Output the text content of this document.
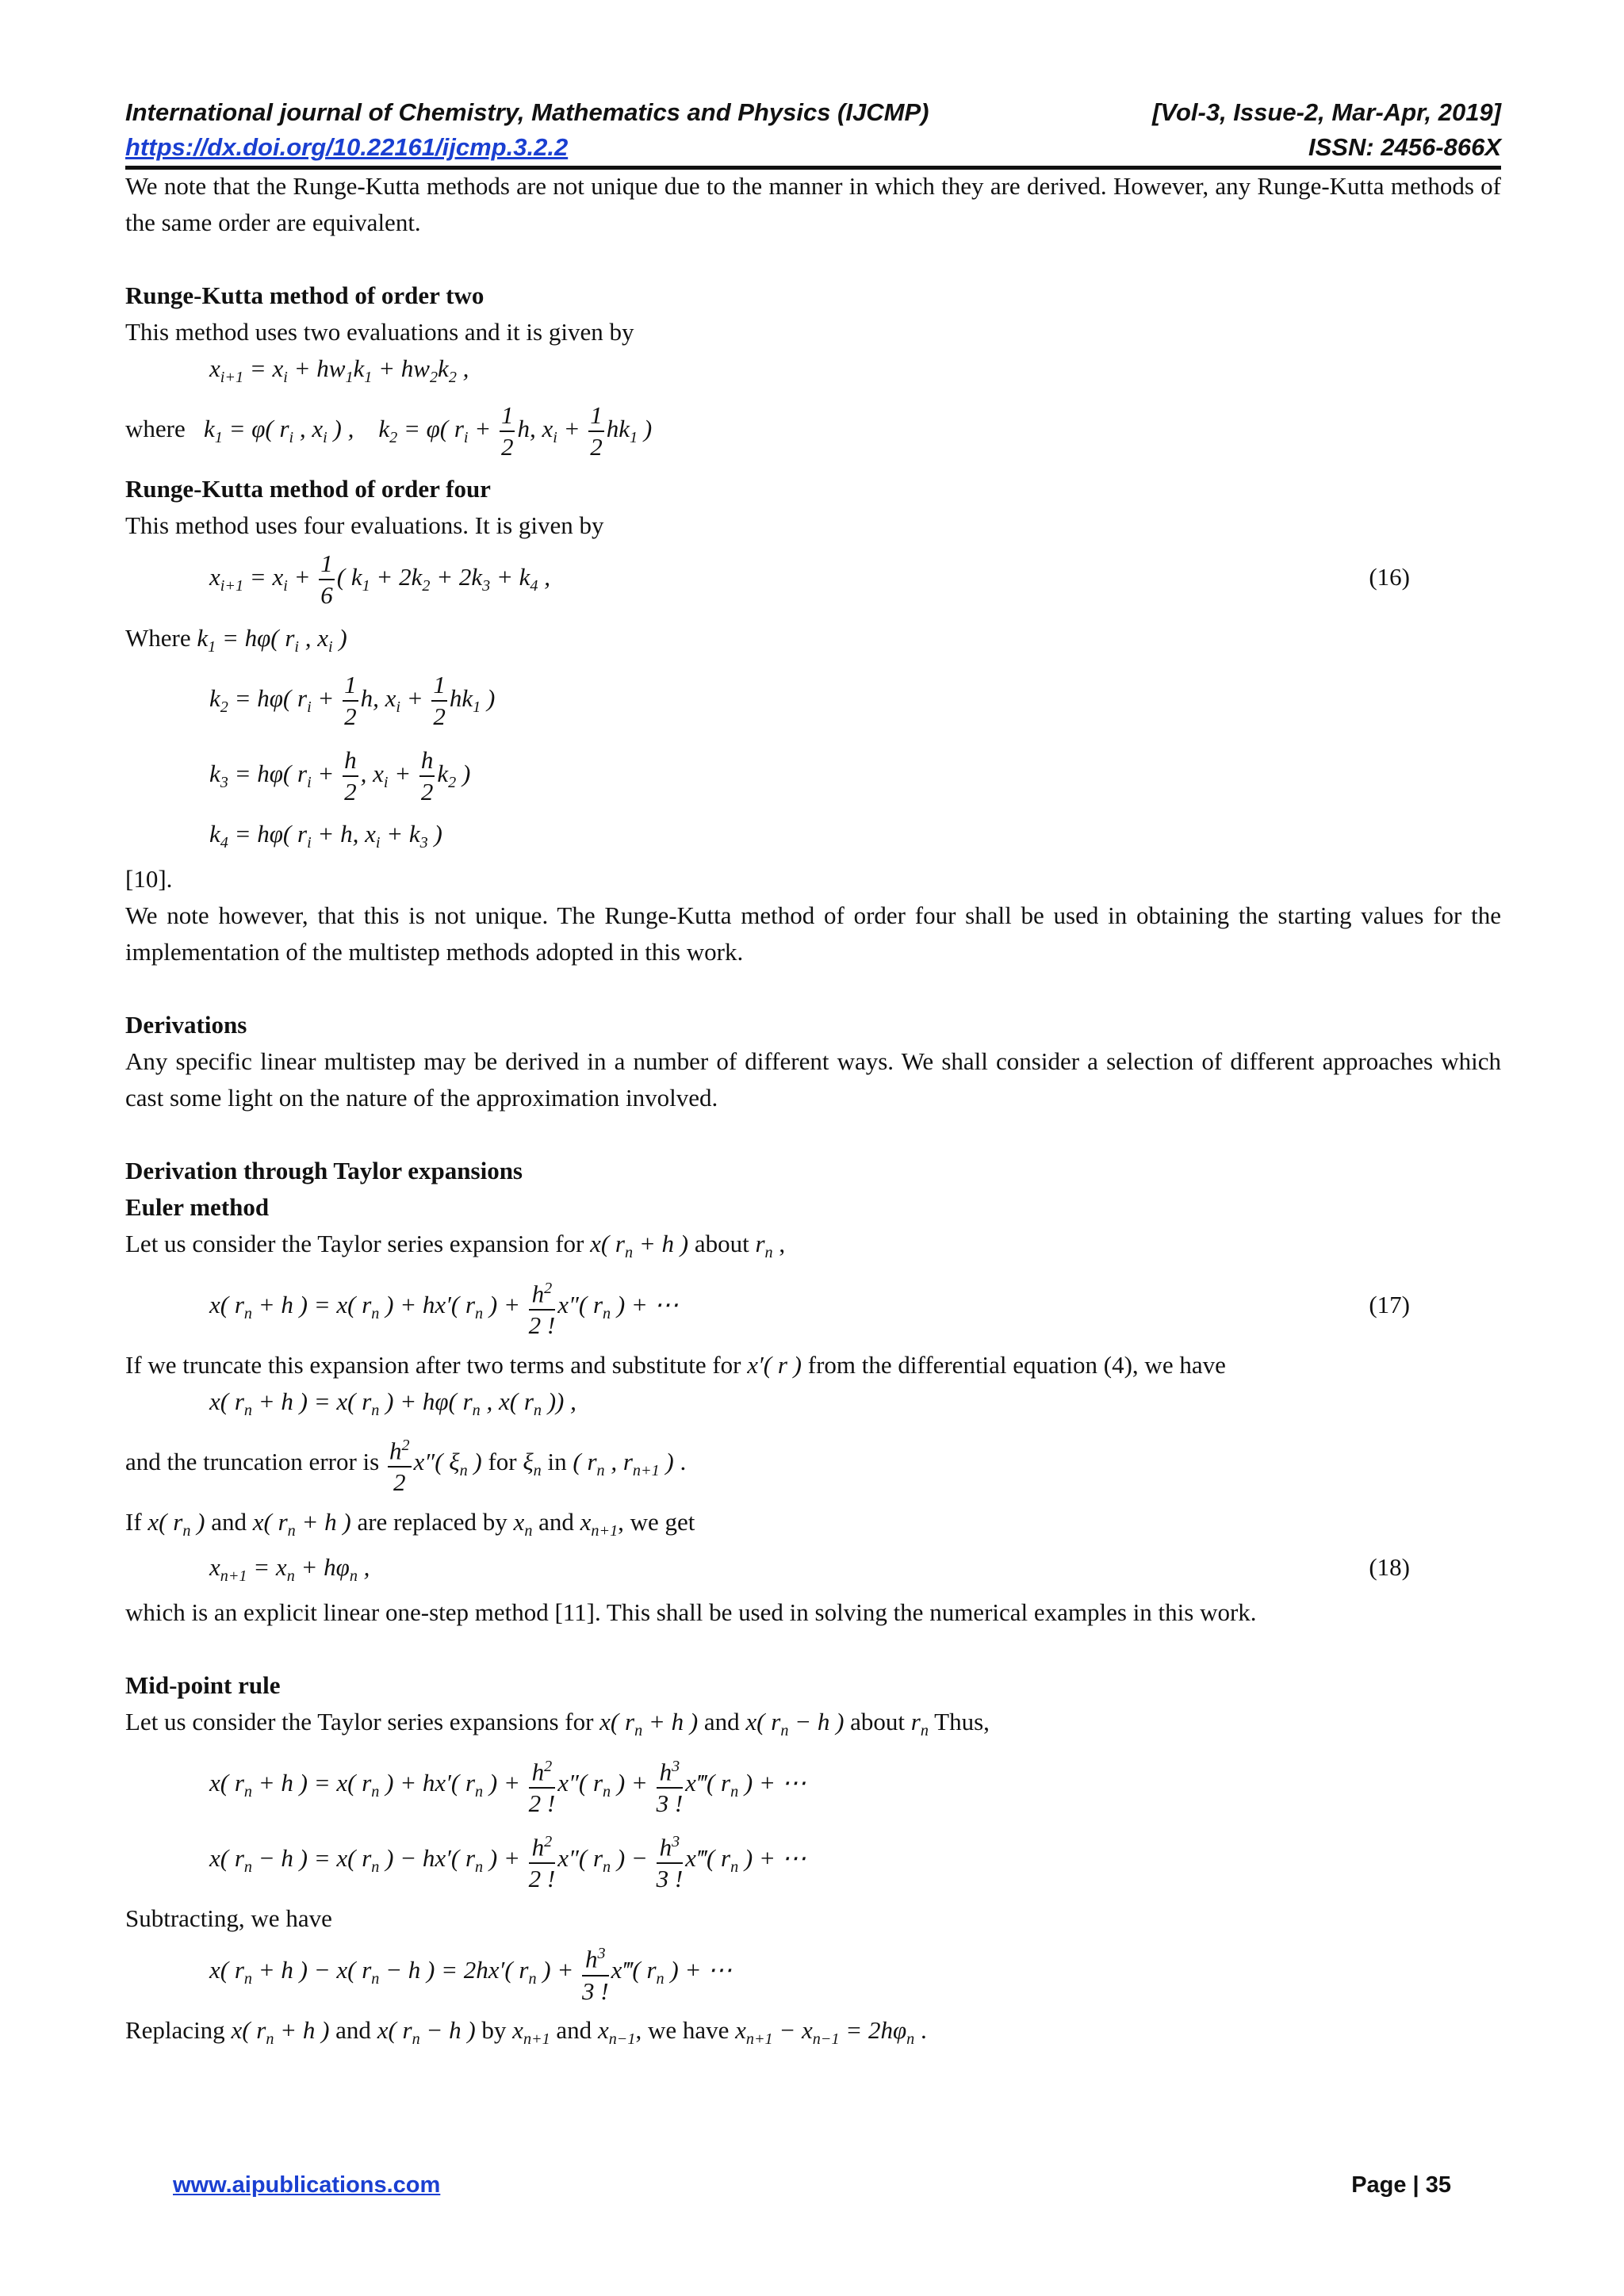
International journal of Chemistry, Mathematics and Physics (IJCMP)	[Vol-3, Issue-2, Mar-Apr, 2019]
https://dx.doi.org/10.22161/ijcmp.3.2.2	ISSN: 2456-866X

We note that the Runge-Kutta methods are not unique due to the manner in which they are derived. However, any Runge-Kutta methods of the same order are equivalent.

Runge-Kutta method of order two

This method uses two evaluations and it is given by

$x_{i+1} = x_i + hw_1k_1 + hw_2k_2$ ,
where   $k_1 = \varphi$( $r_i$ , $x_i$ ) ,    $k_2 = \varphi$( $r_i + \frac{1}{2} h$, $x_i + \frac{1}{2} hk_1$ )

Runge-Kutta method of order four

This method uses four evaluations. It is given by

$x_{i+1} = x_i + \frac{1}{6}$ ( $k_1 + 2k_2 + 2k_3 + k_4$ ,	(16)
Where $k_1 = h\varphi$( $r_i$ , $x_i$ )
$k_2 = h\varphi$( $r_i + \frac{1}{2} h$, $x_i + \frac{1}{2} hk_1$ )
$k_3 = h\varphi$( $r_i + \frac{h}{2}$ , $x_i + \frac{h}{2} k_2$ )
$k_4 = h\varphi$( $r_i + h$, $x_i + k_3$ )

[10].

We note however, that this is not unique. The Runge-Kutta method of order four shall be used in obtaining the starting values for the implementation of the multistep methods adopted in this work.

Derivations

Any specific linear multistep may be derived in a number of different ways. We shall consider a selection of different approaches which cast some light on the nature of the approximation involved.

Derivation through Taylor expansions

Euler method

Let us consider the Taylor series expansion for x( $r_n + h$ ) about $r_n$ ,

x( $r_n + h$ ) = x( $r_n$ ) + hx′( $r_n$ ) + $\frac{h^2}{2 !} x''$( $r_n$ ) + ⋯	(17)

If we truncate this expansion after two terms and substitute for x′( r ) from the differential equation (4), we have

x( $r_n + h$ ) = x( $r_n$ ) + hφ( $r_n$ , x( $r_n$ )) ,

and the truncation error is $\frac{h^2}{2} x''$( $\xi_n$ ) for $\xi_n$ in ( $r_n$ , $r_{n+1}$ ) .

If x( $r_n$ ) and x( $r_n + h$ ) are replaced by $x_n$ and $x_{n+1}$, we get

$x_{n+1} = x_n + h\varphi_n$ ,	(18)

which is an explicit linear one-step method [11]. This shall be used in solving the numerical examples in this work.

Mid-point rule

Let us consider the Taylor series expansions for x( $r_n + h$ ) and x( $r_n - h$ ) about $r_n$ Thus,

x( $r_n + h$ ) = x( $r_n$ ) + hx′( $r_n$ ) + $\frac{h^2}{2 !} x''$( $r_n$ ) + $\frac{h^3}{3 !}$ x‴( $r_n$ ) + ⋯
x( $r_n - h$ ) = x( $r_n$ ) − hx′( $r_n$ ) + $\frac{h^2}{2 !} x''$( $r_n$ ) − $\frac{h^3}{3 !}$ x‴( $r_n$ ) + ⋯

Subtracting, we have

x( $r_n + h$ ) − x( $r_n - h$ ) = 2hx′( $r_n$ ) + $\frac{h^3}{3 !}$ x‴( $r_n$ ) + ⋯

Replacing x( $r_n + h$ ) and x( $r_n - h$ ) by $x_{n+1}$ and $x_{n-1}$, we have $x_{n+1} - x_{n-1} = 2h\varphi_n$ .

www.aipublications.com	Page | 35
